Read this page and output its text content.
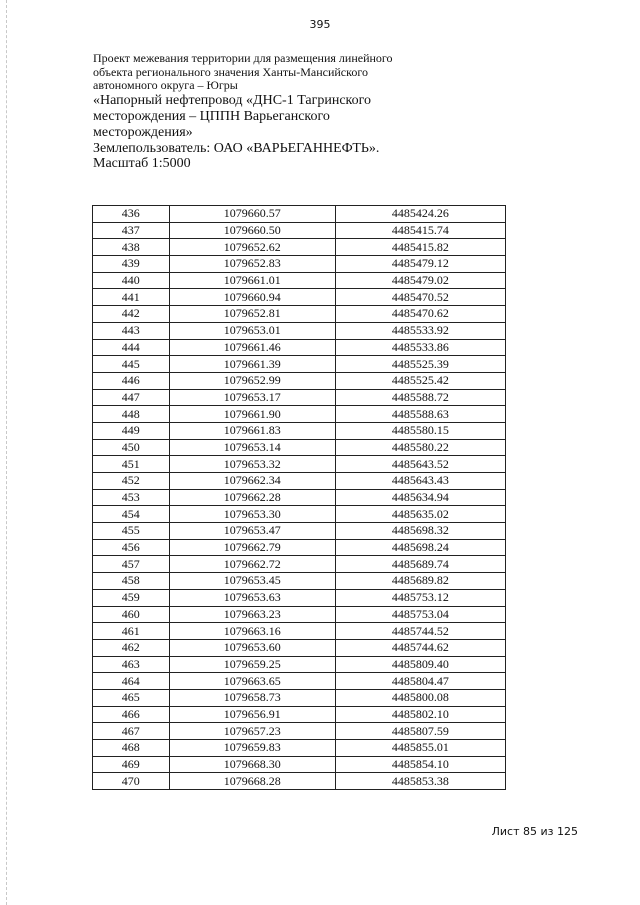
395
Проект межевания территории для размещения линейного
объекта регионального значения Ханты-Мансийского
автономного округа – Югры
«Напорный нефтепровод «ДНС-1 Тагринского
месторождения – ЦППН Варьеганского
месторождения»
Землепользователь: ОАО «ВАРЬЕГАННЕФТЬ».
Масштаб 1:5000
436	1079660.57	4485424.26
437	1079660.50	4485415.74
438	1079652.62	4485415.82
439	1079652.83	4485479.12
440	1079661.01	4485479.02
441	1079660.94	4485470.52
442	1079652.81	4485470.62
443	1079653.01	4485533.92
444	1079661.46	4485533.86
445	1079661.39	4485525.39
446	1079652.99	4485525.42
447	1079653.17	4485588.72
448	1079661.90	4485588.63
449	1079661.83	4485580.15
450	1079653.14	4485580.22
451	1079653.32	4485643.52
452	1079662.34	4485643.43
453	1079662.28	4485634.94
454	1079653.30	4485635.02
455	1079653.47	4485698.32
456	1079662.79	4485698.24
457	1079662.72	4485689.74
458	1079653.45	4485689.82
459	1079653.63	4485753.12
460	1079663.23	4485753.04
461	1079663.16	4485744.52
462	1079653.60	4485744.62
463	1079659.25	4485809.40
464	1079663.65	4485804.47
465	1079658.73	4485800.08
466	1079656.91	4485802.10
467	1079657.23	4485807.59
468	1079659.83	4485855.01
469	1079668.30	4485854.10
470	1079668.28	4485853.38
Лист 85 из 125
